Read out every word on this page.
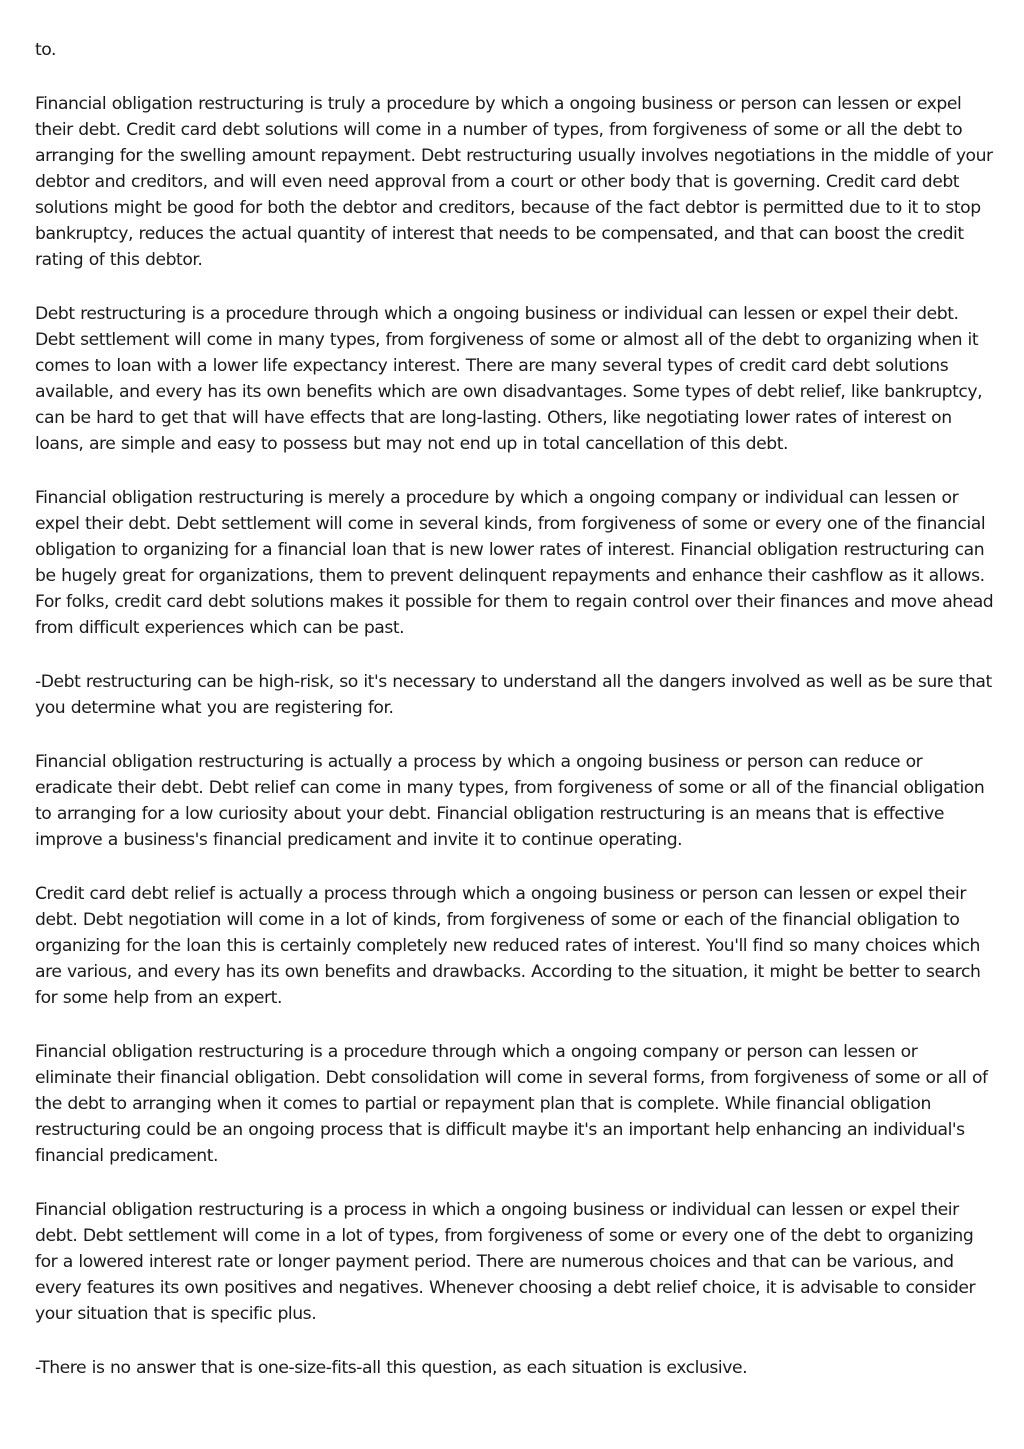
to.

Financial obligation restructuring is truly a procedure by which a ongoing business or person can lessen or expel their debt. Credit card debt solutions will come in a number of types, from forgiveness of some or all the debt to arranging for the swelling amount repayment. Debt restructuring usually involves negotiations in the middle of your debtor and creditors, and will even need approval from a court or other body that is governing. Credit card debt solutions might be good for both the debtor and creditors, because of the fact debtor is permitted due to it to stop bankruptcy, reduces the actual quantity of interest that needs to be compensated, and that can boost the credit rating of this debtor.

Debt restructuring is a procedure through which a ongoing business or individual can lessen or expel their debt. Debt settlement will come in many types, from forgiveness of some or almost all of the debt to organizing when it comes to loan with a lower life expectancy interest. There are many several types of credit card debt solutions available, and every has its own benefits which are own disadvantages. Some types of debt relief, like bankruptcy, can be hard to get that will have effects that are long-lasting. Others, like negotiating lower rates of interest on loans, are simple and easy to possess but may not end up in total cancellation of this debt.

Financial obligation restructuring is merely a procedure by which a ongoing company or individual can lessen or expel their debt. Debt settlement will come in several kinds, from forgiveness of some or every one of the financial obligation to organizing for a financial loan that is new lower rates of interest. Financial obligation restructuring can be hugely great for organizations, them to prevent delinquent repayments and enhance their cashflow as it allows. For folks, credit card debt solutions makes it possible for them to regain control over their finances and move ahead from difficult experiences which can be past.

-Debt restructuring can be high-risk, so it's necessary to understand all the dangers involved as well as be sure that you determine what you are registering for.

Financial obligation restructuring is actually a process by which a ongoing business or person can reduce or eradicate their debt. Debt relief can come in many types, from forgiveness of some or all of the financial obligation to arranging for a low curiosity about your debt. Financial obligation restructuring is an means that is effective improve a business's financial predicament and invite it to continue operating.

Credit card debt relief is actually a process through which a ongoing business or person can lessen or expel their debt. Debt negotiation will come in a lot of kinds, from forgiveness of some or each of the financial obligation to organizing for the loan this is certainly completely new reduced rates of interest. You'll find so many choices which are various, and every has its own benefits and drawbacks. According to the situation, it might be better to search for some help from an expert.

Financial obligation restructuring is a procedure through which a ongoing company or person can lessen or eliminate their financial obligation. Debt consolidation will come in several forms, from forgiveness of some or all of the debt to arranging when it comes to partial or repayment plan that is complete. While financial obligation restructuring could be an ongoing process that is difficult maybe it's an important help enhancing an individual's financial predicament.

Financial obligation restructuring is a process in which a ongoing business or individual can lessen or expel their debt. Debt settlement will come in a lot of types, from forgiveness of some or every one of the debt to organizing for a lowered interest rate or longer payment period. There are numerous choices and that can be various, and every features its own positives and negatives. Whenever choosing a debt relief choice, it is advisable to consider your situation that is specific plus.

-There is no answer that is one-size-fits-all this question, as each situation is exclusive.
